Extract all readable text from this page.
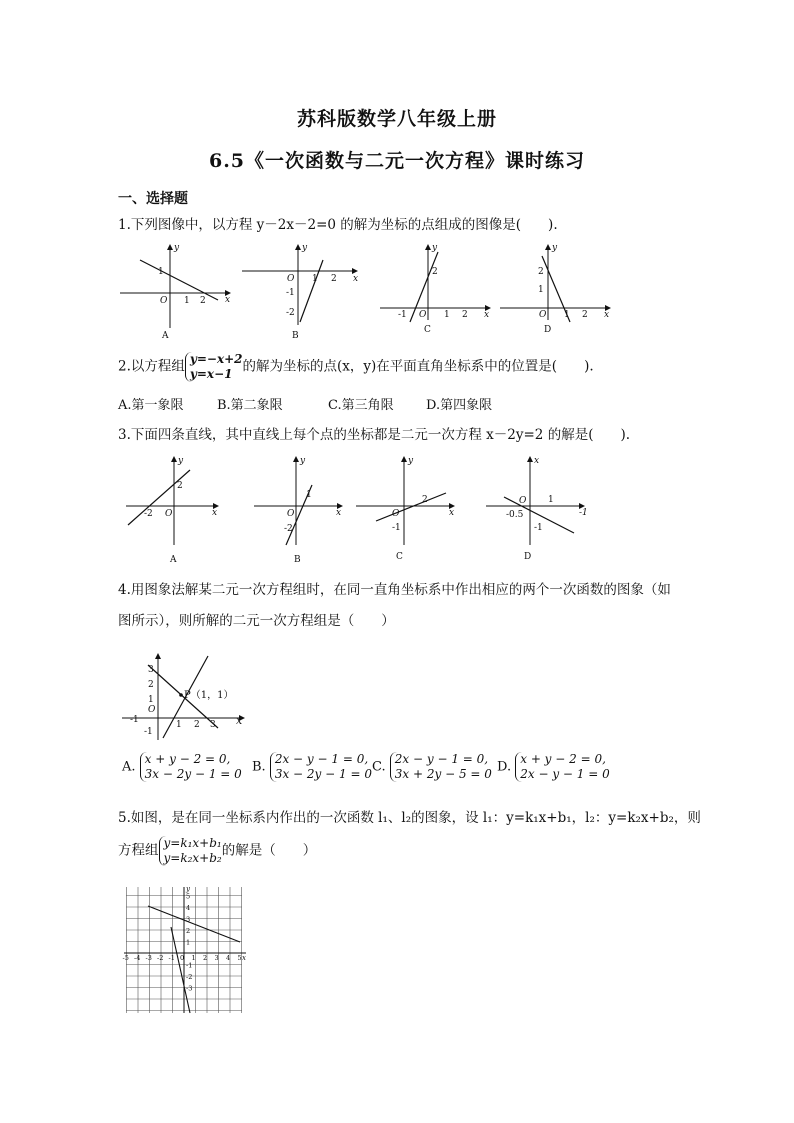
苏科版数学八年级上册
6.5《一次函数与二元一次方程》课时练习
一、选择题
1.下列图像中，以方程 y－2x－2=0 的解为坐标的点组成的图像是(　　).
y
x
1
O 1 2
A
y
x
O
-1
-2
1 2
B
y
x
2
-1 O 1 2
C
y
x
2
1
O 1 2
D
2.以方程组 y=−x+2
y=x−1 的解为坐标的点(x，y)在平面直角坐标系中的位置是(　　).
A.第一象限	B.第二象限	C.第三角限 D.第四象限
3.下面四条直线，其中直线上每个点的坐标都是二元一次方程 x－2y=2 的解是(　　).
y
x
2
-2 O
A
y
x
1
O
-2
B
y
x
2
O
-1
C
x
-1
O 1
-0.5
-1
D
4.用图象法解某二元一次方程组时，在同一直角坐标系中作出相应的两个一次函数的图象（如
图所示），则所解的二元一次方程组是（　　）
x
3
2
1
O
-1	1 2 3
-1
P（1，1）
A. x + y − 2 = 0,
3x − 2y − 1 = 0 B. 2x − y − 1 = 0,
3x − 2y − 1 = 0 C. 2x − y − 1 = 0,
3x + 2y − 5 = 0 D. x + y − 2 = 0,
2x − y − 1 = 0
5.如图，是在同一坐标系内作出的一次函数 l₁、l₂的图象，设 l₁：y=k₁x+b₁，l₂：y=k₂x+b₂，则
方程组 y=k₁x+b₁
y=k₂x+b₂的解是（　　）
-5 -4 -3 -2 -1 0 1 2 3 4 5
5
4
3
2
1
-1
-2
-3
x
y
